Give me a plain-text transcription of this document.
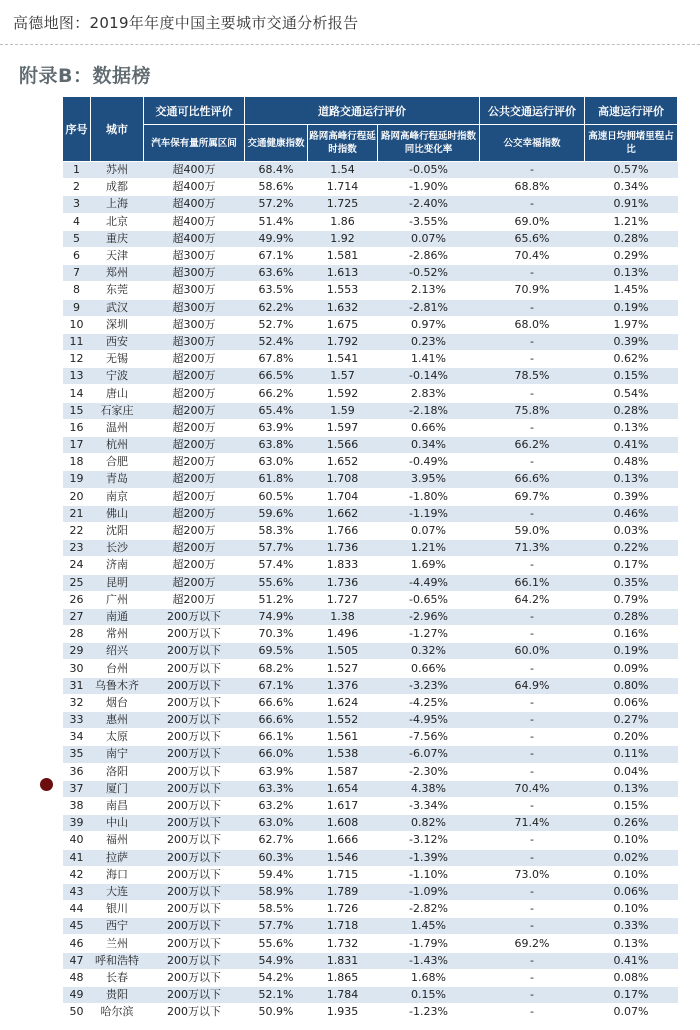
高德地图：2019年年度中国主要城市交通分析报告
附录B：数据榜
序号	城市	交通可比性评价	道路交通运行评价			公共交通运行评价	高速运行评价
		汽车保有量所属区间	交通健康指数	路网高峰行程延时指数	路网高峰行程延时指数同比变化率	公交幸福指数	高速日均拥堵里程占比
1	苏州	超400万	68.4%	1.54	-0.05%	-	0.57%
2	成都	超400万	58.6%	1.714	-1.90%	68.8%	0.34%
3	上海	超400万	57.2%	1.725	-2.40%	-	0.91%
4	北京	超400万	51.4%	1.86	-3.55%	69.0%	1.21%
5	重庆	超400万	49.9%	1.92	0.07%	65.6%	0.28%
6	天津	超300万	67.1%	1.581	-2.86%	70.4%	0.29%
7	郑州	超300万	63.6%	1.613	-0.52%	-	0.13%
8	东莞	超300万	63.5%	1.553	2.13%	70.9%	1.45%
9	武汉	超300万	62.2%	1.632	-2.81%	-	0.19%
10	深圳	超300万	52.7%	1.675	0.97%	68.0%	1.97%
11	西安	超300万	52.4%	1.792	0.23%	-	0.39%
12	无锡	超200万	67.8%	1.541	1.41%	-	0.62%
13	宁波	超200万	66.5%	1.57	-0.14%	78.5%	0.15%
14	唐山	超200万	66.2%	1.592	2.83%	-	0.54%
15	石家庄	超200万	65.4%	1.59	-2.18%	75.8%	0.28%
16	温州	超200万	63.9%	1.597	0.66%	-	0.13%
17	杭州	超200万	63.8%	1.566	0.34%	66.2%	0.41%
18	合肥	超200万	63.0%	1.652	-0.49%	-	0.48%
19	青岛	超200万	61.8%	1.708	3.95%	66.6%	0.13%
20	南京	超200万	60.5%	1.704	-1.80%	69.7%	0.39%
21	佛山	超200万	59.6%	1.662	-1.19%	-	0.46%
22	沈阳	超200万	58.3%	1.766	0.07%	59.0%	0.03%
23	长沙	超200万	57.7%	1.736	1.21%	71.3%	0.22%
24	济南	超200万	57.4%	1.833	1.69%	-	0.17%
25	昆明	超200万	55.6%	1.736	-4.49%	66.1%	0.35%
26	广州	超200万	51.2%	1.727	-0.65%	64.2%	0.79%
27	南通	200万以下	74.9%	1.38	-2.96%	-	0.28%
28	常州	200万以下	70.3%	1.496	-1.27%	-	0.16%
29	绍兴	200万以下	69.5%	1.505	0.32%	60.0%	0.19%
30	台州	200万以下	68.2%	1.527	0.66%	-	0.09%
31	乌鲁木齐	200万以下	67.1%	1.376	-3.23%	64.9%	0.80%
32	烟台	200万以下	66.6%	1.624	-4.25%	-	0.06%
33	惠州	200万以下	66.6%	1.552	-4.95%	-	0.27%
34	太原	200万以下	66.1%	1.561	-7.56%	-	0.20%
35	南宁	200万以下	66.0%	1.538	-6.07%	-	0.11%
36	洛阳	200万以下	63.9%	1.587	-2.30%	-	0.04%
37	厦门	200万以下	63.3%	1.654	4.38%	70.4%	0.13%
38	南昌	200万以下	63.2%	1.617	-3.34%	-	0.15%
39	中山	200万以下	63.0%	1.608	0.82%	71.4%	0.26%
40	福州	200万以下	62.7%	1.666	-3.12%	-	0.10%
41	拉萨	200万以下	60.3%	1.546	-1.39%	-	0.02%
42	海口	200万以下	59.4%	1.715	-1.10%	73.0%	0.10%
43	大连	200万以下	58.9%	1.789	-1.09%	-	0.06%
44	银川	200万以下	58.5%	1.726	-2.82%	-	0.10%
45	西宁	200万以下	57.7%	1.718	1.45%	-	0.33%
46	兰州	200万以下	55.6%	1.732	-1.79%	69.2%	0.13%
47	呼和浩特	200万以下	54.9%	1.831	-1.43%	-	0.41%
48	长春	200万以下	54.2%	1.865	1.68%	-	0.08%
49	贵阳	200万以下	52.1%	1.784	0.15%	-	0.17%
50	哈尔滨	200万以下	50.9%	1.935	-1.23%	-	0.07%
